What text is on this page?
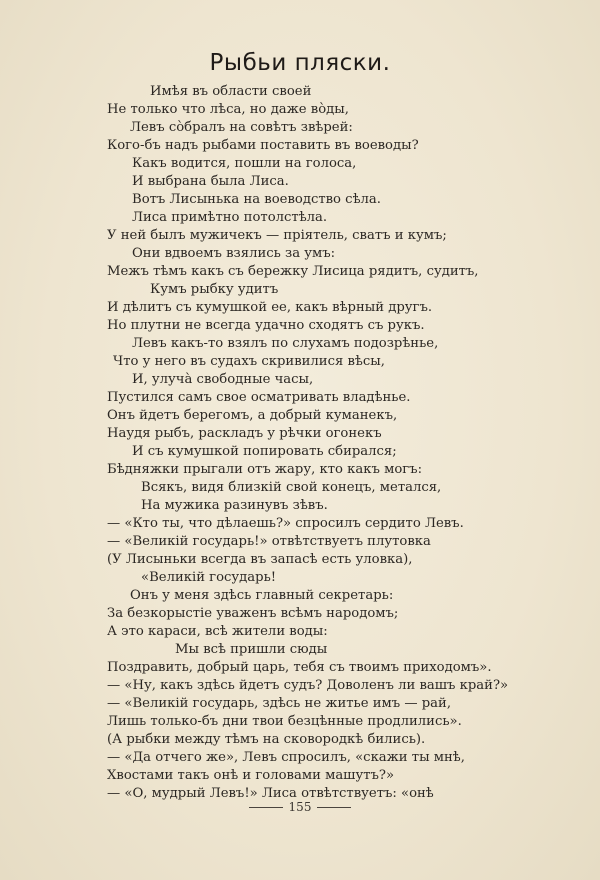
Рыбьи пляски.
Имѣя въ области своей
Не только что лѣса, но даже вòды,
Левъ сòбралъ на совѣтъ звѣрей:
Кого-бъ надъ рыбами поставить въ воеводы?
Какъ водится, пошли на голоса,
И выбрана была Лиса.
Вотъ Лисынька на воеводство сѣла.
Лиса примѣтно потолстѣла.
У ней былъ мужичекъ — прiятель, сватъ и кумъ;
Они вдвоемъ взялись за умъ:
Межъ тѣмъ какъ съ бережку Лисица рядитъ, судитъ,
Кумъ рыбку удитъ
И дѣлитъ съ кумушкой ее, какъ вѣрный другъ.
Но плутни не всегда удачно сходятъ съ рукъ.
Левъ какъ-то взялъ по слухамъ подозрѣнье,
Что у него въ судахъ скривилися вѣсы,
И, улучà свободные часы,
Пустился самъ свое осматривать владѣнье.
Онъ йдетъ берегомъ, а добрый куманекъ,
Наудя рыбъ, раскладъ у рѣчки огонекъ
И съ кумушкой попировать сбирался;
Бѣдняжки прыгали отъ жару, кто какъ могъ:
Всякъ, видя близкiй свой конецъ, метался,
На мужика разинувъ зѣвъ.
— «Кто ты, что дѣлаешь?» спросилъ сердито Левъ.
— «Великiй государь!» отвѣтствуетъ плутовка
(У Лисыньки всегда въ запасѣ есть уловка),
«Великiй государь!
Онъ у меня здѣсь главный секретарь:
За безкорыстiе уваженъ всѣмъ народомъ;
А это караси, всѣ жители воды:
Мы всѣ пришли сюды
Поздравить, добрый царь, тебя съ твоимъ приходомъ».
— «Ну, какъ здѣсь йдетъ судъ? Доволенъ ли вашъ край?»
— «Великiй государь, здѣсь не житье имъ — рай,
Лишь только-бъ дни твои безцѣнные продлились».
(А рыбки между тѣмъ на сковородкѣ бились).
— «Да отчего же», Левъ спросилъ, «скажи ты мнѣ,
Хвостами такъ онѣ и головами машутъ?»
— «О, мудрый Левъ!» Лиса отвѣтствуетъ: «онѣ
155
